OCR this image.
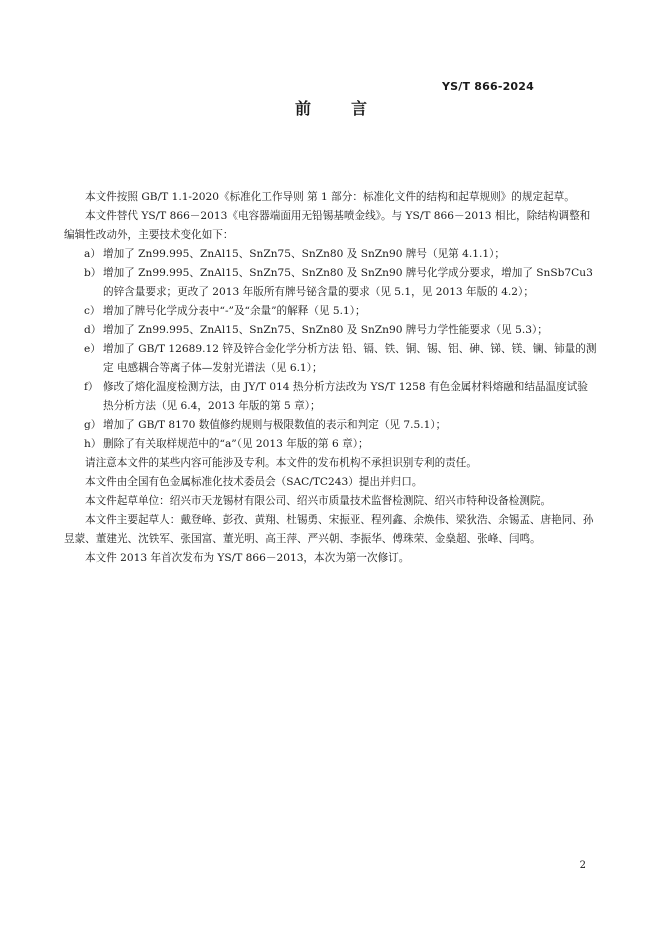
YS/T 866-2024
前　言

本文件按照 GB/T 1.1-2020《标准化工作导则 第 1 部分：标准化文件的结构和起草规则》的规定起草。

本文件替代 YS/T 866－2013《电容器端面用无铅锡基喷金线》。与 YS/T 866－2013 相比，除结构调整和编辑性改动外，主要技术变化如下：

a） 增加了 Zn99.995、ZnAl15、SnZn75、SnZn80 及 SnZn90 牌号（见第 4.1.1）；
b） 增加了 Zn99.995、ZnAl15、SnZn75、SnZn80 及 SnZn90 牌号化学成分要求，增加了 SnSb7Cu3 的锌含量要求；更改了 2013 年版所有牌号铋含量的要求（见 5.1，见 2013 年版的 4.2）；
c） 增加了牌号化学成分表中“-”及“余量”的解释（见 5.1）；
d） 增加了 Zn99.995、ZnAl15、SnZn75、SnZn80 及 SnZn90 牌号力学性能要求（见 5.3）；
e） 增加了 GB/T 12689.12 锌及锌合金化学分析方法 铅、镉、铁、铜、锡、铝、砷、锑、镁、镧、铈量的测定 电感耦合等离子体—发射光谱法（见 6.1）；
f） 修改了熔化温度检测方法，由 JY/T 014 热分析方法改为 YS/T 1258 有色金属材料熔融和结晶温度试验热分析方法（见 6.4，2013 年版的第 5 章）；
g） 增加了 GB/T 8170 数值修约规则与极限数值的表示和判定（见 7.5.1）；
h） 删除了有关取样规范中的“a”（见 2013 年版的第 6 章）；

请注意本文件的某些内容可能涉及专利。本文件的发布机构不承担识别专利的责任。

本文件由全国有色金属标准化技术委员会（SAC/TC243）提出并归口。

本文件起草单位：绍兴市天龙锡材有限公司、绍兴市质量技术监督检测院、绍兴市特种设备检测院。

本文件主要起草人：戴登峰、彭孜、黄翔、杜锡勇、宋振亚、程列鑫、余焕伟、梁狄浩、余锡孟、唐艳同、孙昱蒙、董建光、沈铁军、张国富、董光明、高王萍、严兴朝、李振华、傅珠荣、金燊超、张峰、闫鸣。

本文件 2013 年首次发布为 YS/T 866－2013，本次为第一次修订。

2
